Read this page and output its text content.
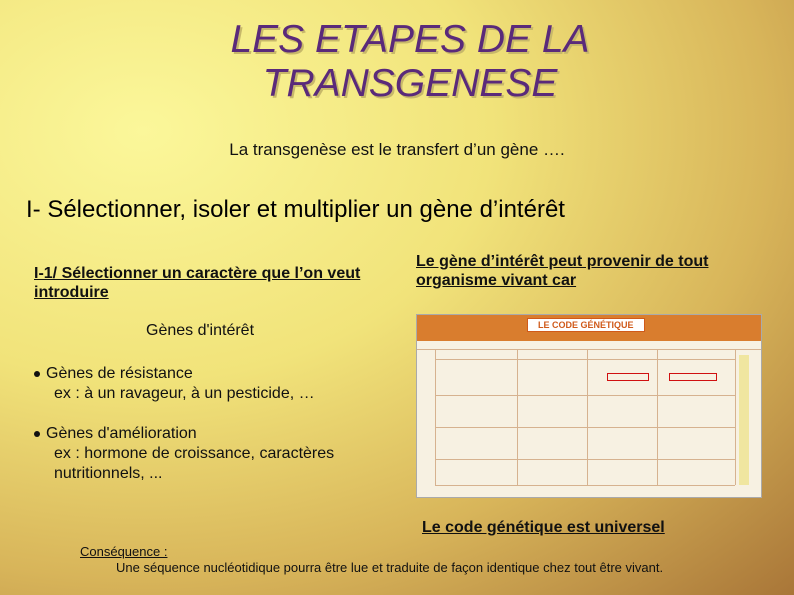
LES ETAPES DE LA TRANSGENESE
La transgenèse est le transfert d’un gène ….
I- Sélectionner, isoler et multiplier un gène d’intérêt
I-1/ Sélectionner un caractère que l’on veut introduire
Le gène d’intérêt peut provenir de tout organisme vivant car
Gènes d'intérêt
Gènes de résistance
ex : à un ravageur, à un pesticide, …
Gènes d'amélioration
ex : hormone de croissance, caractères nutritionnels, ...
LE CODE GÉNÉTIQUE

Le code génétique est universel
Conséquence :
Une séquence nucléotidique pourra être lue et traduite de façon identique chez tout être vivant.
